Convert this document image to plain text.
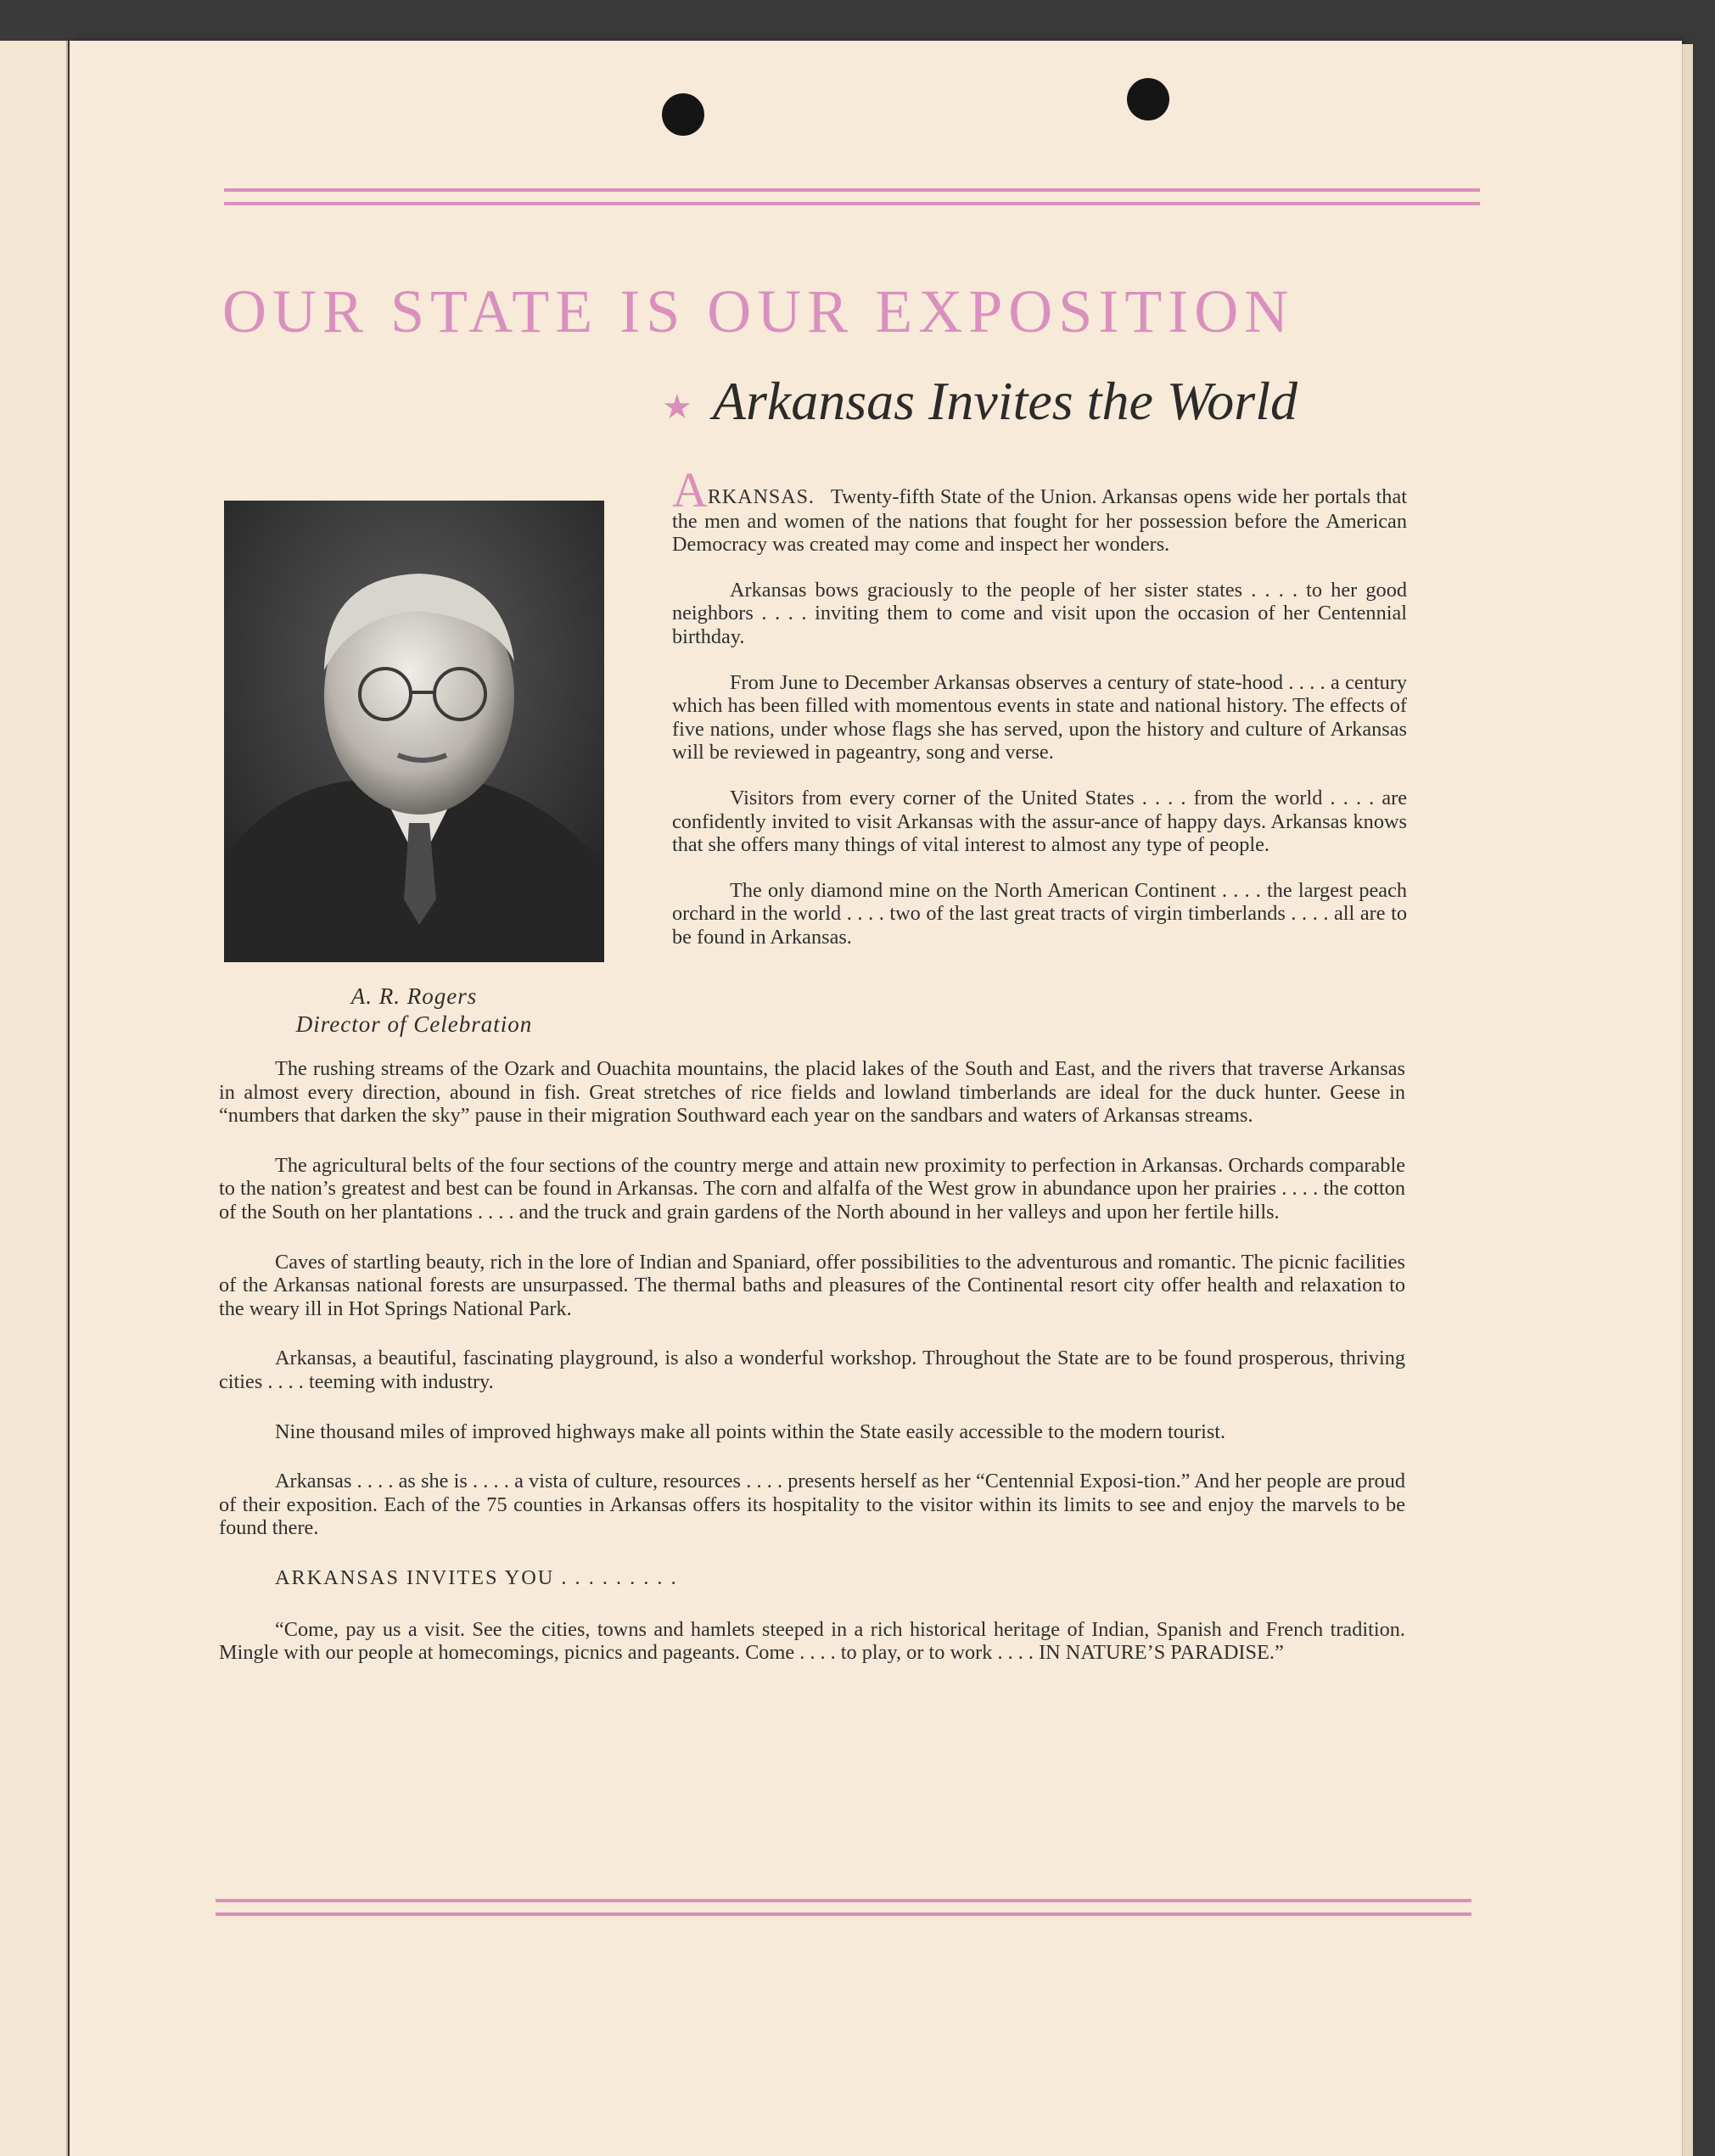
OUR STATE IS OUR EXPOSITION
★ Arkansas Invites the World
A. R. Rogers
Director of Celebration

ARKANSAS. Twenty-fifth State of the Union. Arkansas opens wide her portals that the men and women of the nations that fought for her possession before the American Democracy was created may come and inspect her wonders.

Arkansas bows graciously to the people of her sister states . . . . to her good neighbors . . . . inviting them to come and visit upon the occasion of her Centennial birthday.

From June to December Arkansas observes a century of state-hood . . . . a century which has been filled with momentous events in state and national history. The effects of five nations, under whose flags she has served, upon the history and culture of Arkansas will be reviewed in pageantry, song and verse.

Visitors from every corner of the United States . . . . from the world . . . . are confidently invited to visit Arkansas with the assur-ance of happy days. Arkansas knows that she offers many things of vital interest to almost any type of people.

The only diamond mine on the North American Continent . . . . the largest peach orchard in the world . . . . two of the last great tracts of virgin timberlands . . . . all are to be found in Arkansas.

The rushing streams of the Ozark and Ouachita mountains, the placid lakes of the South and East, and the rivers that traverse Arkansas in almost every direction, abound in fish. Great stretches of rice fields and lowland timberlands are ideal for the duck hunter. Geese in “numbers that darken the sky” pause in their migration Southward each year on the sandbars and waters of Arkansas streams.

The agricultural belts of the four sections of the country merge and attain new proximity to perfection in Arkansas. Orchards comparable to the nation’s greatest and best can be found in Arkansas. The corn and alfalfa of the West grow in abundance upon her prairies . . . . the cotton of the South on her plantations . . . . and the truck and grain gardens of the North abound in her valleys and upon her fertile hills.

Caves of startling beauty, rich in the lore of Indian and Spaniard, offer possibilities to the adventurous and romantic. The picnic facilities of the Arkansas national forests are unsurpassed. The thermal baths and pleasures of the Continental resort city offer health and relaxation to the weary ill in Hot Springs National Park.

Arkansas, a beautiful, fascinating playground, is also a wonderful workshop. Throughout the State are to be found prosperous, thriving cities . . . . teeming with industry.

Nine thousand miles of improved highways make all points within the State easily accessible to the modern tourist.

Arkansas . . . . as she is . . . . a vista of culture, resources . . . . presents herself as her “Centennial Exposi-tion.” And her people are proud of their exposition. Each of the 75 counties in Arkansas offers its hospitality to the visitor within its limits to see and enjoy the marvels to be found there.

ARKANSAS INVITES YOU . . . . . . . . .

“Come, pay us a visit. See the cities, towns and hamlets steeped in a rich historical heritage of Indian, Spanish and French tradition. Mingle with our people at homecomings, picnics and pageants. Come . . . . to play, or to work . . . . IN NATURE’S PARADISE.”
